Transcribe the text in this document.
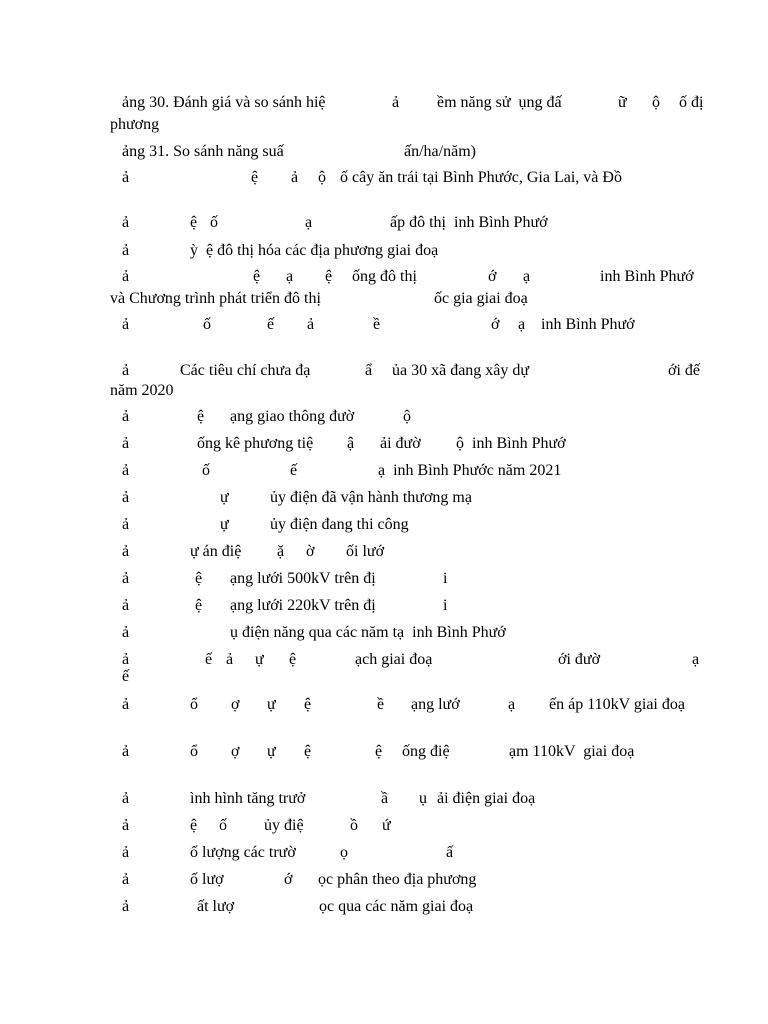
ảng 30. Đánh giá và so sánh hiệ	ả ềm năng sử  ụng đấ	ữ ộ ố đị
phương
ảng 31. So sánh năng suấ	ấn/ha/năm)
ả	ệ ả ộ ố cây ăn trái tại Bình Phước, Gia Lai, và Đồ
ả	ệ ố	ạ	ấp đô thị  inh Bình Phướ
ả	ỳ  ệ đô thị hóa các địa phương giai đoạ
ả	ệ ạ ệ ống đô thị	ớ ạ	inh Bình Phướ
và Chương trình phát triển đô thị	ốc gia giai đoạ
ả	ố	ế ả	ề	ớ ạ inh Bình Phướ
ả	Các tiêu chí chưa đạ	ẩ ủa 30 xã đang xây dự	ới đế
năm 2020
ả	ệ ạng giao thông đườ	ộ
ả	ống kê phương tiệ ậ ải đườ ộ  inh Bình Phướ
ả	ố	ế	ạ  inh Bình Phước năm 2021
ả	ự	ủy điện đã vận hành thương mạ
ả	ự	ủy điện đang thi công
ả	ự án điệ ặ ờ ối lướ
ả	ệ ạng lưới 500kV trên đị	i
ả	ệ ạng lưới 220kV trên đị	i
ả	ụ điện năng qua các năm tạ  inh Bình Phướ
ả	ế ả ự ệ	ạch giai đoạ	ới đườ	ạ
ế
ả	ổ ợ ự ệ	ề ạng lướ	ạ ến áp 110kV giai đoạ
ả	ổ ợ ự ệ	ệ ống điệ	ạm 110kV  giai đoạ
ả	ình hình tăng trưở	ầ ụ ải điện giai đoạ
ả	ệ ố ủy điệ	ồ ứ
ả	ố lượng các trườ	ọ	ấ
ả	ố lượ	ớ ọc phân theo địa phương
ả	ất lượ	ọc qua các năm giai đoạ
